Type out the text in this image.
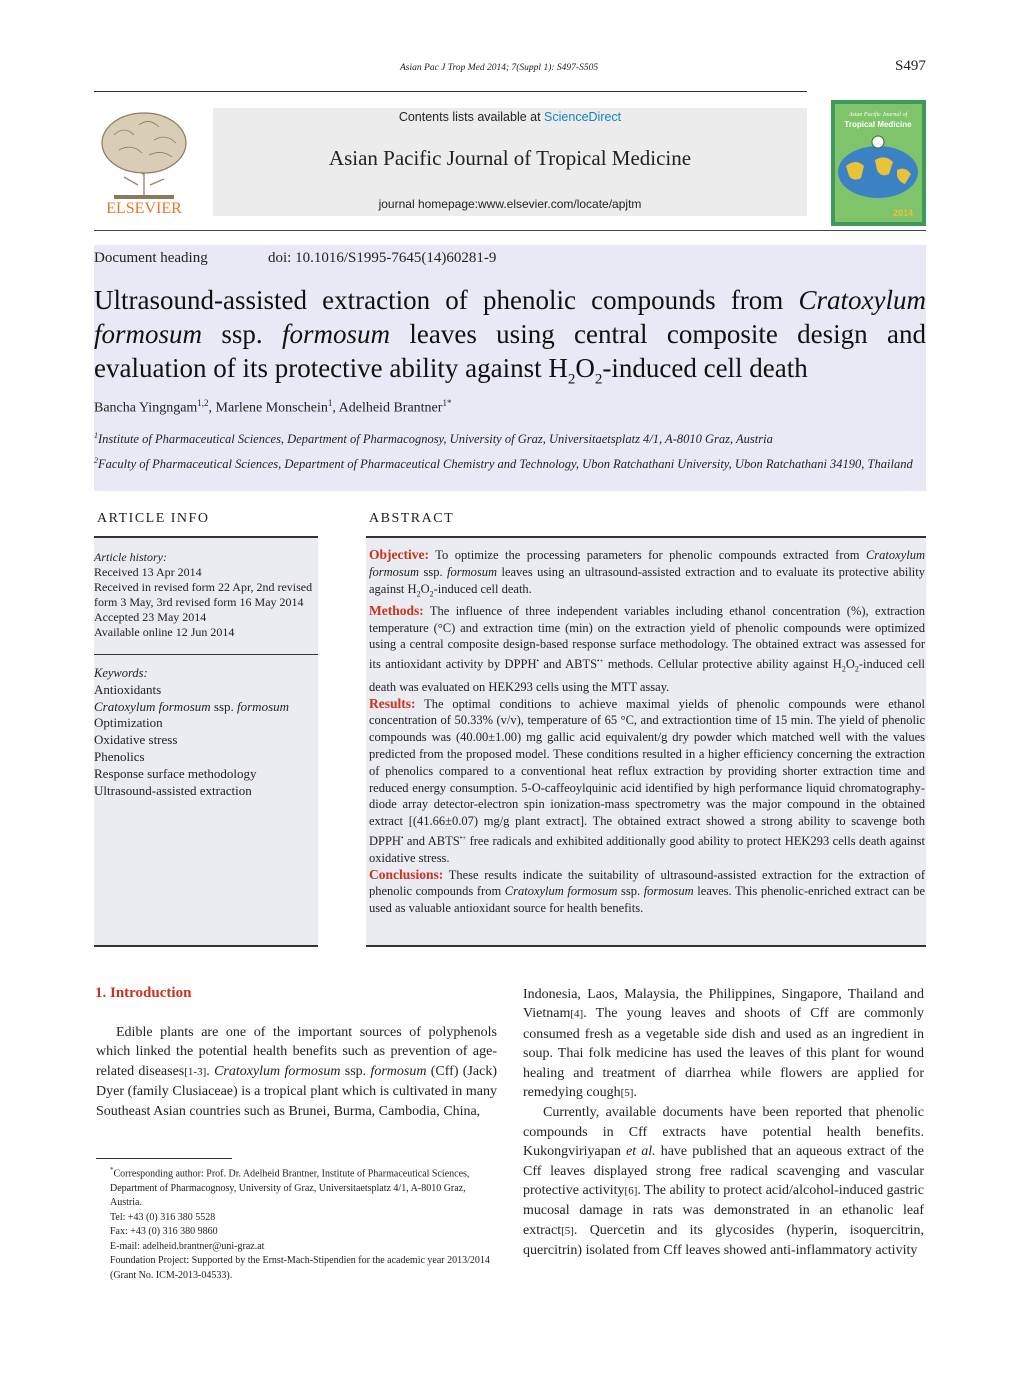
Asian Pac J Trop Med 2014; 7(Suppl 1): S497-S505	S497
ELSEVIER
Contents lists available at ScienceDirect
Asian Pacific Journal of Tropical Medicine
journal homepage:www.elsevier.com/locate/apjtm
Asian Pacific Journal of
Tropical Medicine
2014
Document heading	doi: 10.1016/S1995-7645(14)60281-9
Ultrasound-assisted extraction of phenolic compounds from Cratoxylum formosum ssp. formosum leaves using central composite design and evaluation of its protective ability against $H_2O_2$-induced cell death
Bancha Yingngam$^{1,2}$, Marlene Monschein$^1$, Adelheid Brantner$^{1*}$
$^1$Institute of Pharmaceutical Sciences, Department of Pharmacognosy, University of Graz, Universitaetsplatz 4/1, A-8010 Graz, Austria
$^2$Faculty of Pharmaceutical Sciences, Department of Pharmaceutical Chemistry and Technology, Ubon Ratchathani University, Ubon Ratchathani 34190, Thailand
ARTICLE INFO	ABSTRACT
Article history:
Received 13 Apr 2014
Received in revised form 22 Apr, 2nd revised form 3 May, 3rd revised form 16 May 2014
Accepted 23 May 2014
Available online 12 Jun 2014
Keywords:
Antioxidants
Cratoxylum formosum ssp. formosum
Optimization
Oxidative stress
Phenolics
Response surface methodology
Ultrasound-assisted extraction
Objective: To optimize the processing parameters for phenolic compounds extracted from Cratoxylum formosum ssp. formosum leaves using an ultrasound-assisted extraction and to evaluate its protective ability against $H_2O_2$-induced cell death.
Methods: The influence of three independent variables including ethanol concentration (%), extraction temperature (°C) and extraction time (min) on the extraction yield of phenolic compounds were optimized using a central composite design-based response surface methodology. The obtained extract was assessed for its antioxidant activity by DPPH• and ABTS•+ methods. Cellular protective ability against $H_2O_2$-induced cell death was evaluated on HEK293 cells using the MTT assay.
Results: The optimal conditions to achieve maximal yields of phenolic compounds were ethanol concentration of 50.33% (v/v), temperature of 65 °C, and extractiontion time of 15 min. The yield of phenolic compounds was (40.00±1.00) mg gallic acid equivalent/g dry powder which matched well with the values predicted from the proposed model. These conditions resulted in a higher efficiency concerning the extraction of phenolics compared to a conventional heat reflux extraction by providing shorter extraction time and reduced energy consumption. 5-O-caffeoylquinic acid identified by high performance liquid chromatography-diode array detector-electron spin ionization-mass spectrometry was the major compound in the obtained extract [(41.66±0.07) mg/g plant extract]. The obtained extract showed a strong ability to scavenge both DPPH• and ABTS•+ free radicals and exhibited additionally good ability to protect HEK293 cells death against oxidative stress.
Conclusions: These results indicate the suitability of ultrasound-assisted extraction for the extraction of phenolic compounds from Cratoxylum formosum ssp. formosum leaves. This phenolic-enriched extract can be used as valuable antioxidant source for health benefits.
1. Introduction
Edible plants are one of the important sources of polyphenols which linked the potential health benefits such as prevention of age-related diseases[1-3]. Cratoxylum formosum ssp. formosum (Cff) (Jack) Dyer (family Clusiaceae) is a tropical plant which is cultivated in many Southeast Asian countries such as Brunei, Burma, Cambodia, China,
Indonesia, Laos, Malaysia, the Philippines, Singapore, Thailand and Vietnam[4]. The young leaves and shoots of Cff are commonly consumed fresh as a vegetable side dish and used as an ingredient in soup. Thai folk medicine has used the leaves of this plant for wound healing and treatment of diarrhea while flowers are applied for remedying cough[5].
Currently, available documents have been reported that phenolic compounds in Cff extracts have potential health benefits. Kukongviriyapan et al. have published that an aqueous extract of the Cff leaves displayed strong free radical scavenging and vascular protective activity[6]. The ability to protect acid/alcohol-induced gastric mucosal damage in rats was demonstrated in an ethanolic leaf extract[5]. Quercetin and its glycosides (hyperin, isoquercitrin, quercitrin) isolated from Cff leaves showed anti-inflammatory activity

*Corresponding author: Prof. Dr. Adelheid Brantner, Institute of Pharmaceutical Sciences, Department of Pharmacognosy, University of Graz, Universitaetsplatz 4/1, A-8010 Graz, Austria.

Tel: +43 (0) 316 380 5528

Fax: +43 (0) 316 380 9860

E-mail: adelheid.brantner@uni-graz.at

Foundation Project: Supported by the Ernst-Mach-Stipendien for the academic year 2013/2014 (Grant No. ICM-2013-04533).
